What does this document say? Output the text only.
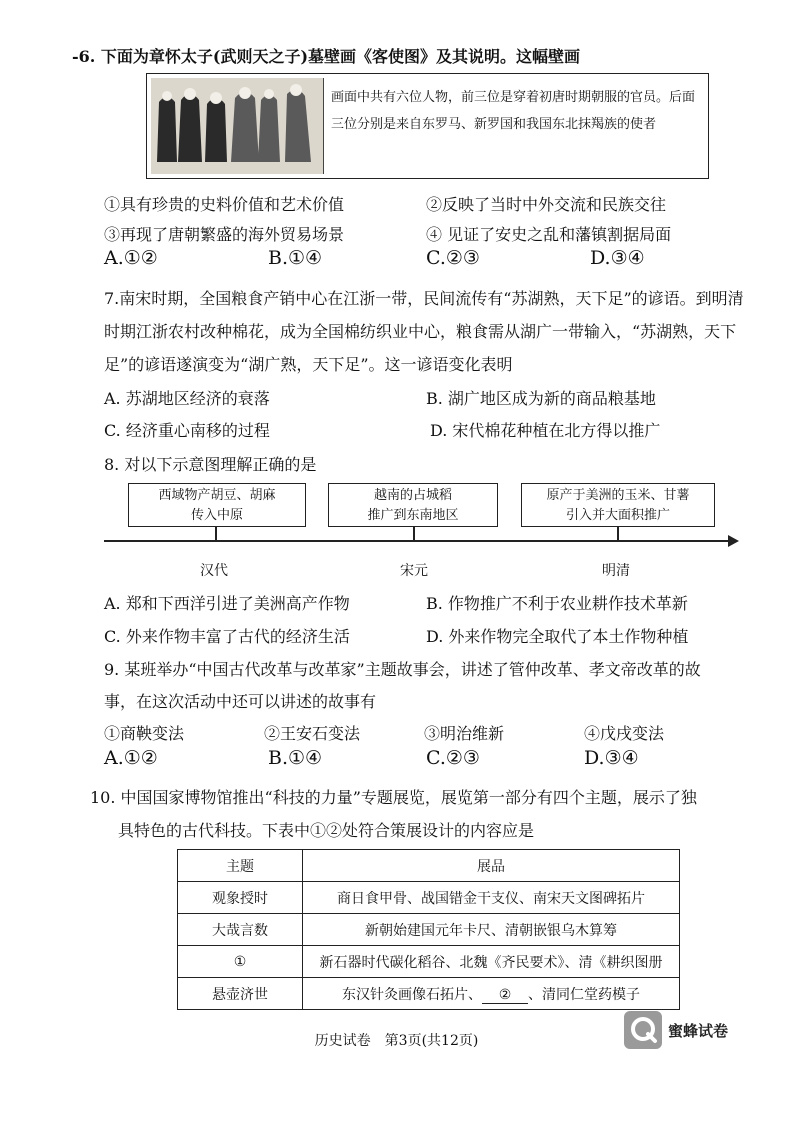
-6. 下面为章怀太子(武则天之子)墓壁画《客使图》及其说明。这幅壁画
画面中共有六位人物，前三位是穿着初唐时期朝服的官员。后面三位分别是来自东罗马、新罗国和我国东北抹羯族的使者
①具有珍贵的史料价值和艺术价值	②反映了当时中外交流和民族交往
③再现了唐朝繁盛的海外贸易场景	④ 见证了安史之乱和藩镇割据局面
A.①②	B.①④	C.②③	D.③④
7.南宋时期，全国粮食产销中心在江浙一带，民间流传有“苏湖熟，天下足”的谚语。到明清
时期江浙农村改种棉花，成为全国棉纺织业中心，粮食需从湖广一带输入，“苏湖熟，天下
足”的谚语遂演变为“湖广熟，天下足”。这一谚语变化表明
A. 苏湖地区经济的衰落	B. 湖广地区成为新的商品粮基地
C. 经济重心南移的过程	D. 宋代棉花种植在北方得以推广
8. 对以下示意图理解正确的是
西域物产胡豆、胡麻
传入中原
越南的占城稻
推广到东南地区
原产于美洲的玉米、甘薯
引入并大面积推广
汉代	宋元	明清
A. 郑和下西洋引进了美洲高产作物	B. 作物推广不利于农业耕作技术革新
C. 外来作物丰富了古代的经济生活	D. 外来作物完全取代了本土作物种植
9. 某班举办“中国古代改革与改革家”主题故事会，讲述了管仲改革、孝文帝改革的故
事，在这次活动中还可以讲述的故事有
①商鞅变法	②王安石变法	③明治维新	④戊戌变法
A.①②	B.①④	C.②③	D.③④
10. 中国国家博物馆推出“科技的力量”专题展览，展览第一部分有四个主题，展示了独
具特色的古代科技。下表中①②处符合策展设计的内容应是
主题	展品
观象授时	商日食甲骨、战国错金干支仪、南宋天文图碑拓片
大哉言数	新朝始建国元年卡尺、清朝嵌银乌木算筹
①	新石器时代碳化稻谷、北魏《齐民要术》、清《耕织图册
悬壶济世	东汉针灸画像石拓片、 ② 、清同仁堂药模子
历史试卷　第3页(共12页)
蜜蜂试卷
